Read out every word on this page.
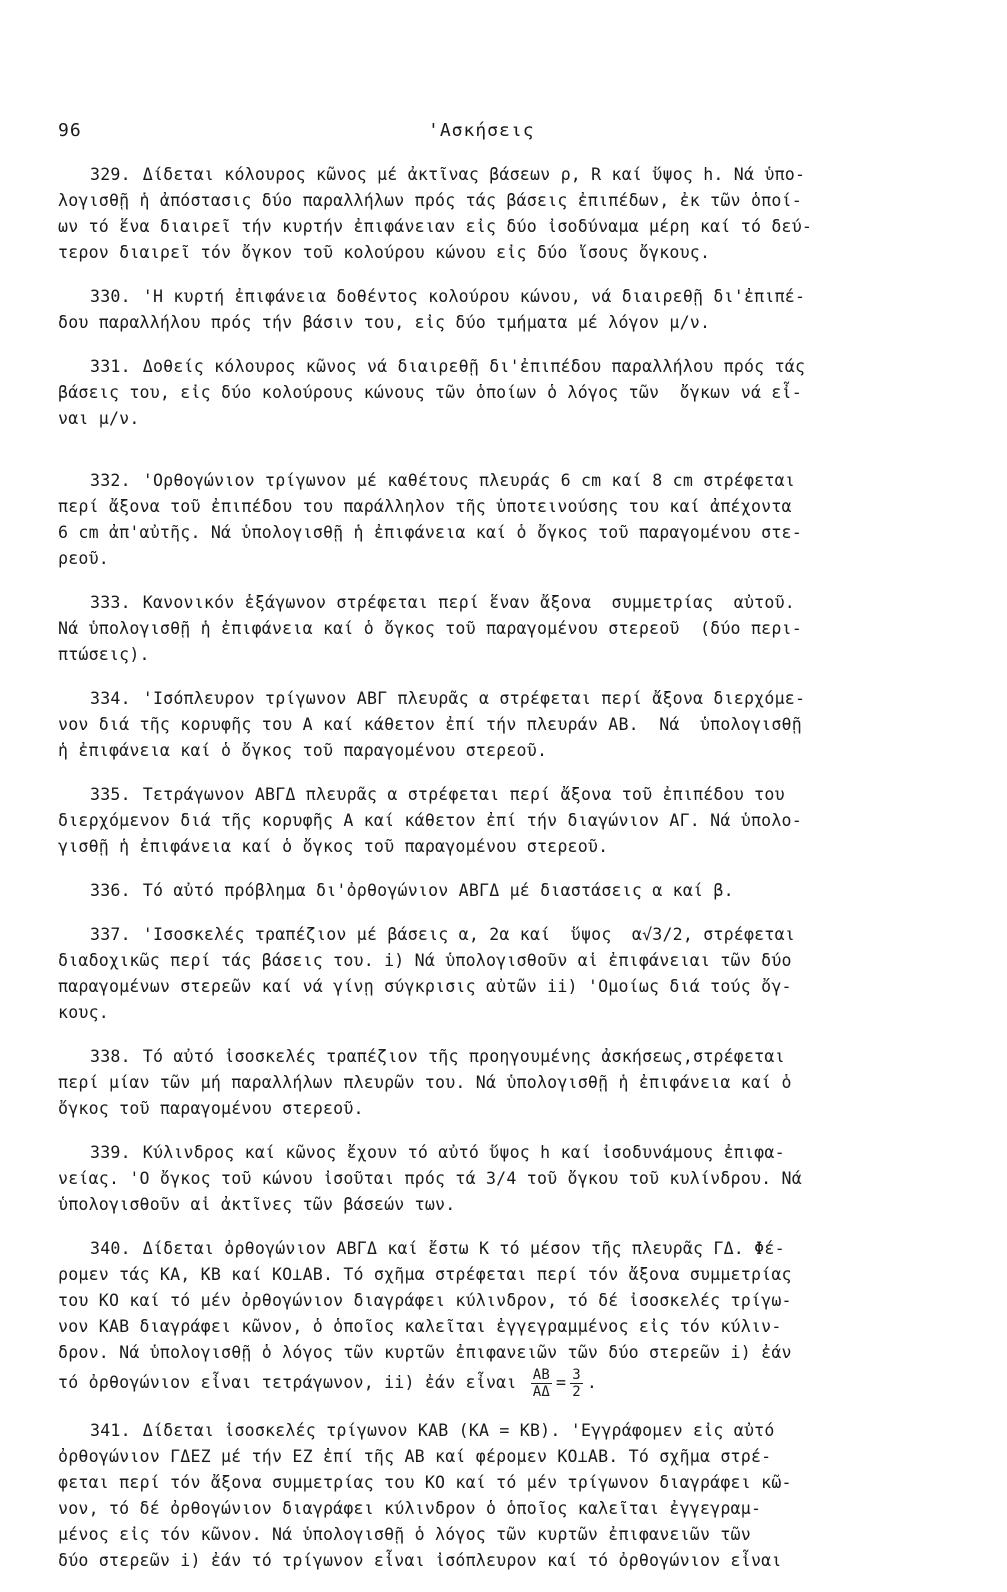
96	'Ασκήσεις
329. Δίδεται κόλουρος κῶνος μέ ἀκτῖνας βάσεων ρ, R καί ὕψος h. Νά ὑπο-
λογισθῇ ἡ ἀπόστασις δύο παραλλήλων πρός τάς βάσεις ἐπιπέδων, ἐκ τῶν ὁποί-
ων τό ἕνα διαιρεῖ τήν κυρτήν ἐπιφάνειαν εἰς δύο ἰσοδύναμα μέρη καί τό δεύ-
τερον διαιρεῖ τόν ὄγκον τοῦ κολούρου κώνου εἰς δύο ἴσους ὄγκους.
330. 'Η κυρτή ἐπιφάνεια δοθέντος κολούρου κώνου, νά διαιρεθῇ δι'ἐπιπέ-
δου παραλλήλου πρός τήν βάσιν του, εἰς δύο τμήματα μέ λόγον μ/ν.
331. Δοθείς κόλουρος κῶνος νά διαιρεθῇ δι'ἐπιπέδου παραλλήλου πρός τάς
βάσεις του, εἰς δύο κολούρους κώνους τῶν ὁποίων ὁ λόγος τῶν  ὄγκων νά εἶ-
ναι μ/ν.
332. 'Ορθογώνιον τρίγωνον μέ καθέτους πλευράς 6 cm καί 8 cm στρέφεται
περί ἄξονα τοῦ ἐπιπέδου του παράλληλον τῆς ὑποτεινούσης του καί ἀπέχοντα
6 cm ἀπ'αὐτῆς. Νά ὑπολογισθῇ ἡ ἐπιφάνεια καί ὁ ὄγκος τοῦ παραγομένου στε-
ρεοῦ.
333. Κανονικόν ἑξάγωνον στρέφεται περί ἕναν ἄξονα  συμμετρίας  αὐτοῦ.
Νά ὑπολογισθῇ ἡ ἐπιφάνεια καί ὁ ὄγκος τοῦ παραγομένου στερεοῦ  (δύο περι-
πτώσεις).
334. 'Ισόπλευρον τρίγωνον ΑΒΓ πλευρᾶς α στρέφεται περί ἄξονα διερχόμε-
νον διά τῆς κορυφῆς του Α καί κάθετον ἐπί τήν πλευράν ΑΒ.  Νά  ὑπολογισθῇ
ἡ ἐπιφάνεια καί ὁ ὄγκος τοῦ παραγομένου στερεοῦ.
335. Τετράγωνον ΑΒΓΔ πλευρᾶς α στρέφεται περί ἄξονα τοῦ ἐπιπέδου του
διερχόμενον διά τῆς κορυφῆς Α καί κάθετον ἐπί τήν διαγώνιον ΑΓ. Νά ὑπολο-
γισθῇ ἡ ἐπιφάνεια καί ὁ ὄγκος τοῦ παραγομένου στερεοῦ.
336. Τό αὐτό πρόβλημα δι'ὀρθογώνιον ΑΒΓΔ μέ διαστάσεις α καί β.
337. 'Ισοσκελές τραπέζιον μέ βάσεις α, 2α καί  ὕψος  α√3/2, στρέφεται
διαδοχικῶς περί τάς βάσεις του. i) Νά ὑπολογισθοῦν αἱ ἐπιφάνειαι τῶν δύο
παραγομένων στερεῶν καί νά γίνῃ σύγκρισις αὐτῶν ii) 'Ομοίως διά τούς ὄγ-
κους.
338. Τό αὐτό ἰσοσκελές τραπέζιον τῆς προηγουμένης ἀσκήσεως,στρέφεται
περί μίαν τῶν μή παραλλήλων πλευρῶν του. Νά ὑπολογισθῇ ἡ ἐπιφάνεια καί ὁ
ὄγκος τοῦ παραγομένου στερεοῦ.
339. Κύλινδρος καί κῶνος ἔχουν τό αὐτό ὕψος h καί ἰσοδυνάμους ἐπιφα-
νείας. 'Ο ὄγκος τοῦ κώνου ἰσοῦται πρός τά 3/4 τοῦ ὄγκου τοῦ κυλίνδρου. Νά
ὑπολογισθοῦν αἱ ἀκτῖνες τῶν βάσεών των.
340. Δίδεται ὀρθογώνιον ΑΒΓΔ καί ἔστω Κ τό μέσον τῆς πλευρᾶς ΓΔ. Φέ-
ρομεν τάς ΚΑ, ΚΒ καί ΚΟ⊥ΑΒ. Τό σχῆμα στρέφεται περί τόν ἄξονα συμμετρίας
του ΚΟ καί τό μέν ὀρθογώνιον διαγράφει κύλινδρον, τό δέ ἰσοσκελές τρίγω-
νον ΚΑΒ διαγράφει κῶνον, ὁ ὁποῖος καλεῖται ἐγγεγραμμένος εἰς τόν κύλιν-
δρον. Νά ὑπολογισθῇ ὁ λόγος τῶν κυρτῶν ἐπιφανειῶν τῶν δύο στερεῶν i) ἐάν
τό ὀρθογώνιον εἶναι τετράγωνον, ii) ἐάν εἶναι $\frac{AB}{A\Delta} = \frac{3}{2}$ .
341. Δίδεται ἰσοσκελές τρίγωνον ΚΑΒ (ΚΑ = ΚΒ). 'Εγγράφομεν εἰς αὐτό
ὀρθογώνιον ΓΔΕΖ μέ τήν ΕΖ ἐπί τῆς ΑΒ καί φέρομεν ΚΟ⊥ΑΒ. Τό σχῆμα στρέ-
φεται περί τόν ἄξονα συμμετρίας του ΚΟ καί τό μέν τρίγωνον διαγράφει κῶ-
νον, τό δέ ὀρθογώνιον διαγράφει κύλινδρον ὁ ὁποῖος καλεῖται ἐγγεγραμ-
μένος εἰς τόν κῶνον. Νά ὑπολογισθῇ ὁ λόγος τῶν κυρτῶν ἐπιφανειῶν τῶν
δύο στερεῶν i) ἐάν τό τρίγωνον εἶναι ἰσόπλευρον καί τό ὀρθογώνιον εἶναι
